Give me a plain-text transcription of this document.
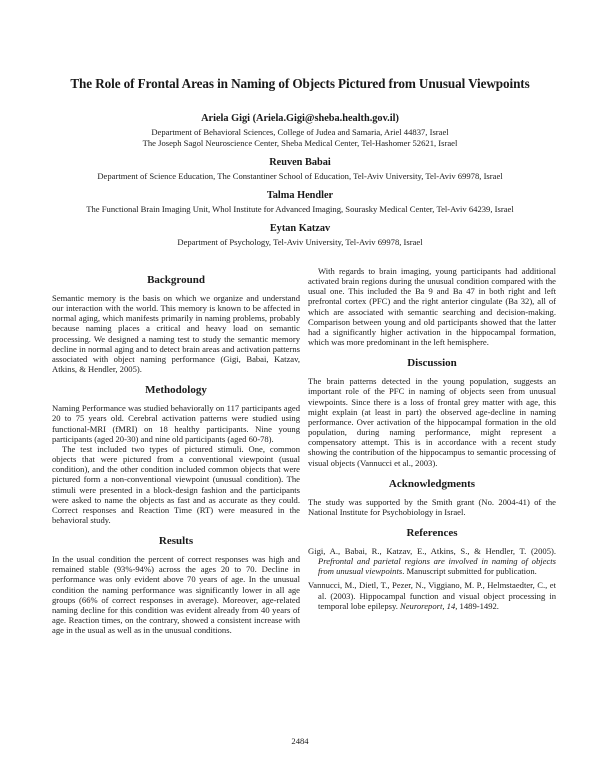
The Role of Frontal Areas in Naming of Objects Pictured from Unusual Viewpoints
Ariela Gigi (Ariela.Gigi@sheba.health.gov.il)
Department of Behavioral Sciences, College of Judea and Samaria, Ariel 44837, Israel
The Joseph Sagol Neuroscience Center, Sheba Medical Center, Tel-Hashomer 52621, Israel
Reuven Babai
Department of Science Education, The Constantiner School of Education, Tel-Aviv University, Tel-Aviv 69978, Israel
Talma Hendler
The Functional Brain Imaging Unit, Whol Institute for Advanced Imaging, Sourasky Medical Center, Tel-Aviv 64239, Israel
Eytan Katzav
Department of Psychology, Tel-Aviv University, Tel-Aviv 69978, Israel
Background

Semantic memory is the basis on which we organize and understand our interaction with the world. This memory is known to be affected in normal aging, which manifests primarily in naming problems, probably because naming places a critical and heavy load on semantic processing. We designed a naming test to study the semantic memory decline in normal aging and to detect brain areas and activation patterns associated with object naming performance (Gigi, Babai, Katzav, Atkins, & Hendler, 2005).

Methodology

Naming Performance was studied behaviorally on 117 participants aged 20 to 75 years old. Cerebral activation patterns were studied using functional-MRI (fMRI) on 18 healthy participants. Nine young participants (aged 20-30) and nine old participants (aged 60-78).

The test included two types of pictured stimuli. One, common objects that were pictured from a conventional viewpoint (usual condition), and the other condition included common objects that were pictured form a non-conventional viewpoint (unusual condition). The stimuli were presented in a block-design fashion and the participants were asked to name the objects as fast and as accurate as they could. Correct responses and Reaction Time (RT) were measured in the behavioral study.

Results

In the usual condition the percent of correct responses was high and remained stable (93%-94%) across the ages 20 to 70. Decline in performance was only evident above 70 years of age. In the unusual condition the naming performance was significantly lower in all age groups (66% of correct responses in average). Moreover, age-related naming decline for this condition was evident already from 40 years of age. Reaction times, on the contrary, showed a consistent increase with age in the usual as well as in the unusual conditions.

With regards to brain imaging, young participants had additional activated brain regions during the unusual condition compared with the usual one. This included the Ba 9 and Ba 47 in both right and left prefrontal cortex (PFC) and the right anterior cingulate (Ba 32), all of which are associated with semantic searching and decision-making. Comparison between young and old participants showed that the latter had a significantly higher activation in the hippocampal formation, which was more predominant in the left hemisphere.

Discussion

The brain patterns detected in the young population, suggests an important role of the PFC in naming of objects seen from unusual viewpoints. Since there is a loss of frontal grey matter with age, this might explain (at least in part) the observed age-decline in naming performance. Over activation of the hippocampal formation in the old population, during naming performance, might represent a compensatory attempt. This is in accordance with a recent study showing the contribution of the hippocampus to semantic processing of visual objects (Vannucci et al., 2003).

Acknowledgments

The study was supported by the Smith grant (No. 2004-41) of the National Institute for Psychobiology in Israel.

References
Gigi, A., Babai, R., Katzav, E., Atkins, S., & Hendler, T. (2005). Prefrontal and parietal regions are involved in naming of objects from unusual viewpoints. Manuscript submitted for publication.
Vannucci, M., Dietl, T., Pezer, N., Viggiano, M. P., Helmstaedter, C., et al. (2003). Hippocampal function and visual object processing in temporal lobe epilepsy. Neuroreport, 14, 1489-1492.
2484
